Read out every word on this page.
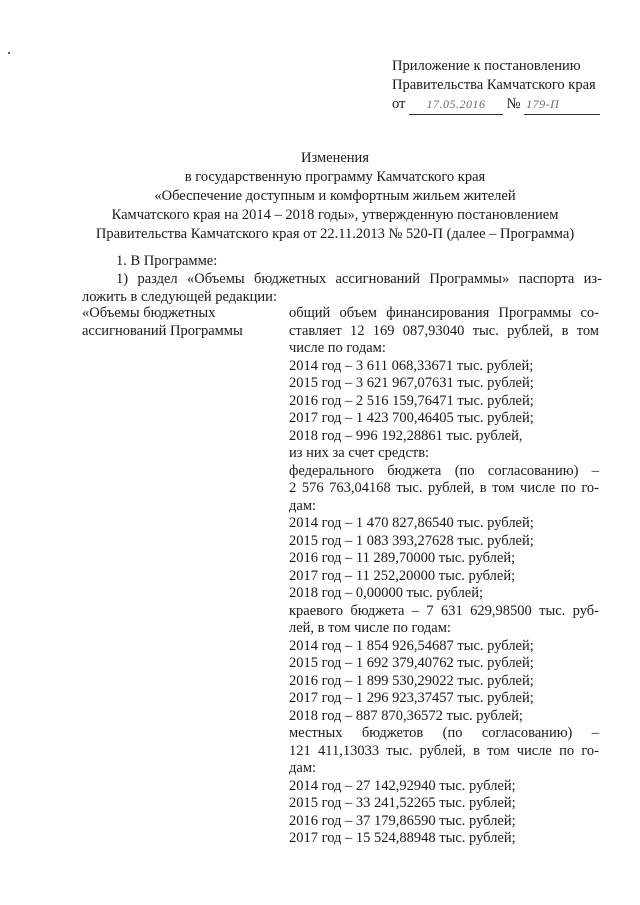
Приложение к постановлению
Правительства Камчатского края
от 17.05.2016 № 179-П
Изменения
в государственную программу Камчатского края
«Обеспечение доступным и комфортным жильем жителей
Камчатского края на 2014 – 2018 годы», утвержденную постановлением
Правительства Камчатского края от 22.11.2013 № 520-П (далее – Программа)
1. В Программе:
1) раздел «Объемы бюджетных ассигнований Программы» паспорта из-
ложить в следующей редакции:
«Объемы бюджетных
ассигнований Программы
общий объем финансирования Программы со-
ставляет 12 169 087,93040 тыс. рублей, в том
числе по годам:
2014 год – 3 611 068,33671 тыс. рублей;
2015 год – 3 621 967,07631 тыс. рублей;
2016 год – 2 516 159,76471 тыс. рублей;
2017 год – 1 423 700,46405 тыс. рублей;
2018 год – 996 192,28861 тыс. рублей,
из них за счет средств:
федерального бюджета (по согласованию) –
2 576 763,04168 тыс. рублей, в том числе по го-
дам:
2014 год – 1 470 827,86540 тыс. рублей;
2015 год – 1 083 393,27628 тыс. рублей;
2016 год – 11 289,70000 тыс. рублей;
2017 год – 11 252,20000 тыс. рублей;
2018 год – 0,00000 тыс. рублей;
краевого бюджета – 7 631 629,98500 тыс. руб-
лей, в том числе по годам:
2014 год – 1 854 926,54687 тыс. рублей;
2015 год – 1 692 379,40762 тыс. рублей;
2016 год – 1 899 530,29022 тыс. рублей;
2017 год – 1 296 923,37457 тыс. рублей;
2018 год – 887 870,36572 тыс. рублей;
местных бюджетов (по согласованию) –
121 411,13033 тыс. рублей, в том числе по го-
дам:
2014 год – 27 142,92940 тыс. рублей;
2015 год – 33 241,52265 тыс. рублей;
2016 год – 37 179,86590 тыс. рублей;
2017 год – 15 524,88948 тыс. рублей;
